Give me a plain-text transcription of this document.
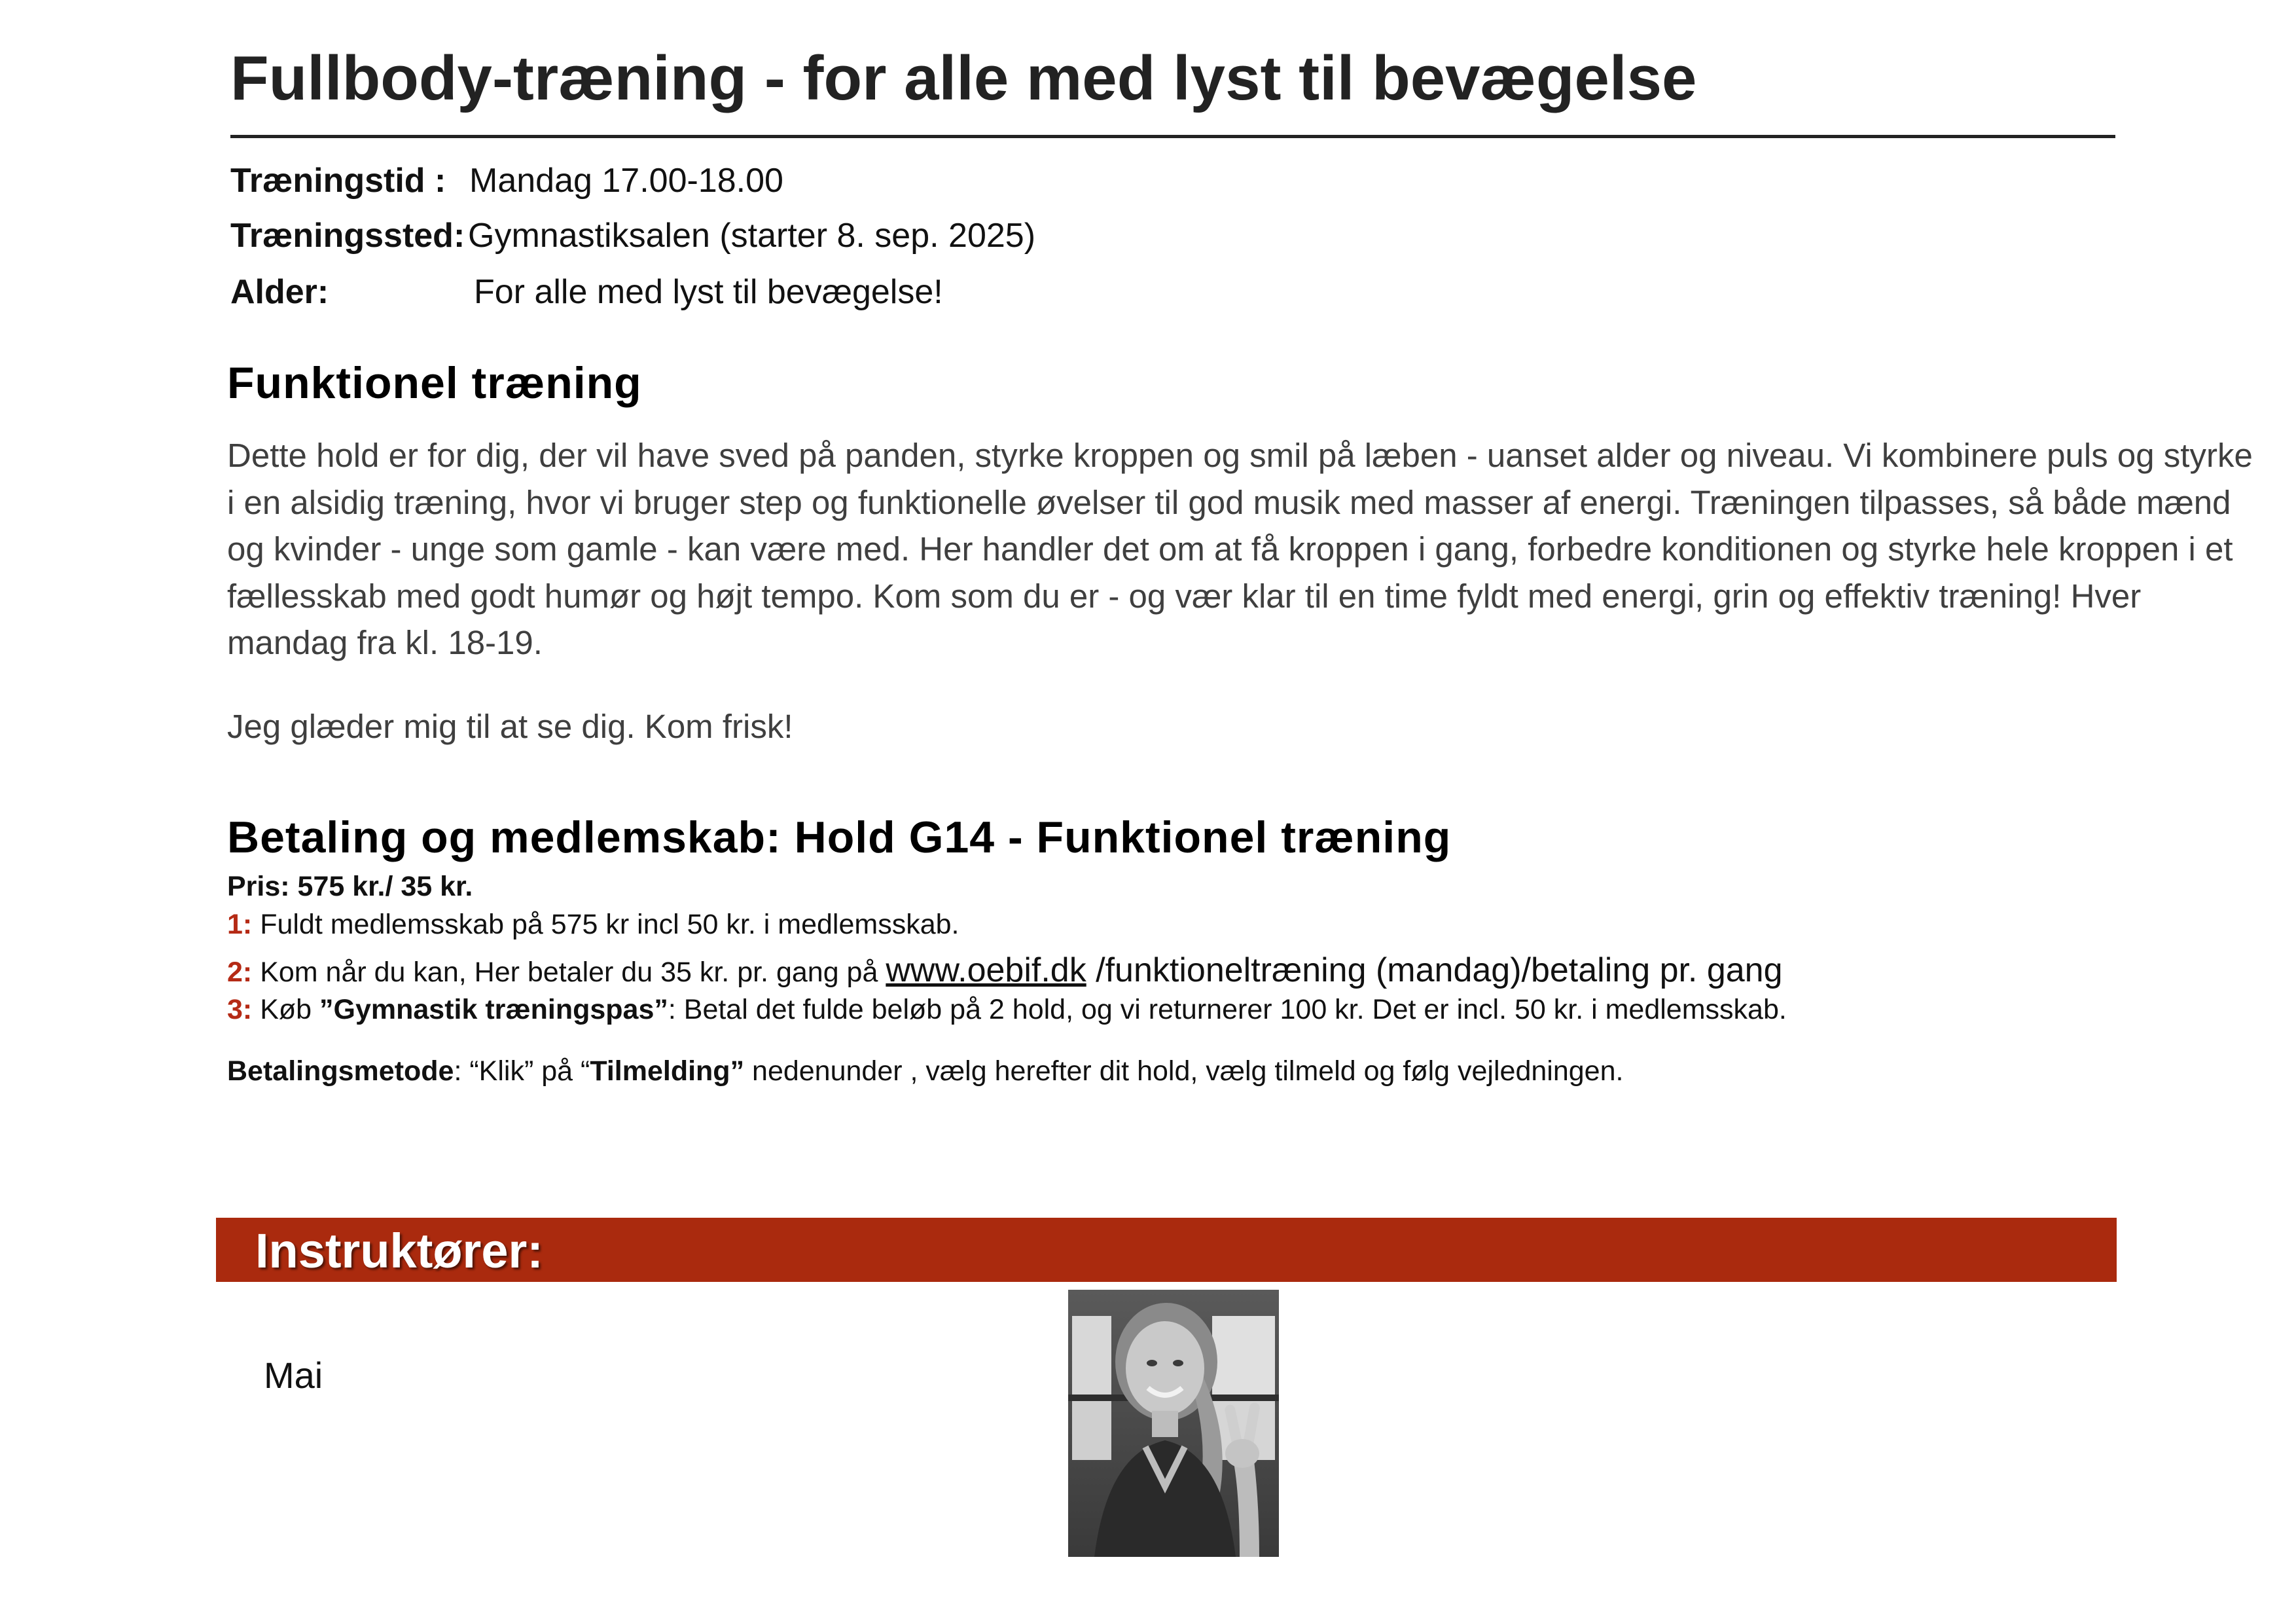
Fullbody-træning - for alle med lyst til bevægelse
Træningstid : Mandag 17.00-18.00
Træningssted: Gymnastiksalen (starter 8. sep. 2025)
Alder:	For alle med lyst til bevægelse!
Funktionel træning
Dette hold er for dig, der vil have sved på panden, styrke kroppen og smil på læben - uanset alder og niveau. Vi kombinere puls og styrke i en alsidig træning, hvor vi bruger step og funktionelle øvelser til god musik med masser af energi. Træningen tilpasses, så både mænd og kvinder - unge som gamle - kan være med. Her handler det om at få kroppen i gang, forbedre konditionen og styrke hele kroppen i et fællesskab med godt humør og højt tempo. Kom som du er - og vær klar til en time fyldt med energi, grin og effektiv træning! Hver mandag fra kl. 18-19.
Jeg glæder mig til at se dig. Kom frisk!
Betaling og medlemskab: Hold G14 - Funktionel træning
Pris: 575 kr./ 35 kr.
1: Fuldt medlemsskab på 575 kr incl 50 kr. i medlemsskab.
2: Kom når du kan, Her betaler du 35 kr. pr. gang på www.oebif.dk /funktioneltræning (mandag)/betaling pr. gang
3: Køb ”Gymnastik træningspas”: Betal det fulde beløb på 2 hold, og vi returnerer 100 kr. Det er incl. 50 kr. i medlemsskab.
Betalingsmetode: “Klik” på “Tilmelding” nedenunder , vælg herefter dit hold, vælg tilmeld og følg vejledningen.
Instruktører:
Mai
